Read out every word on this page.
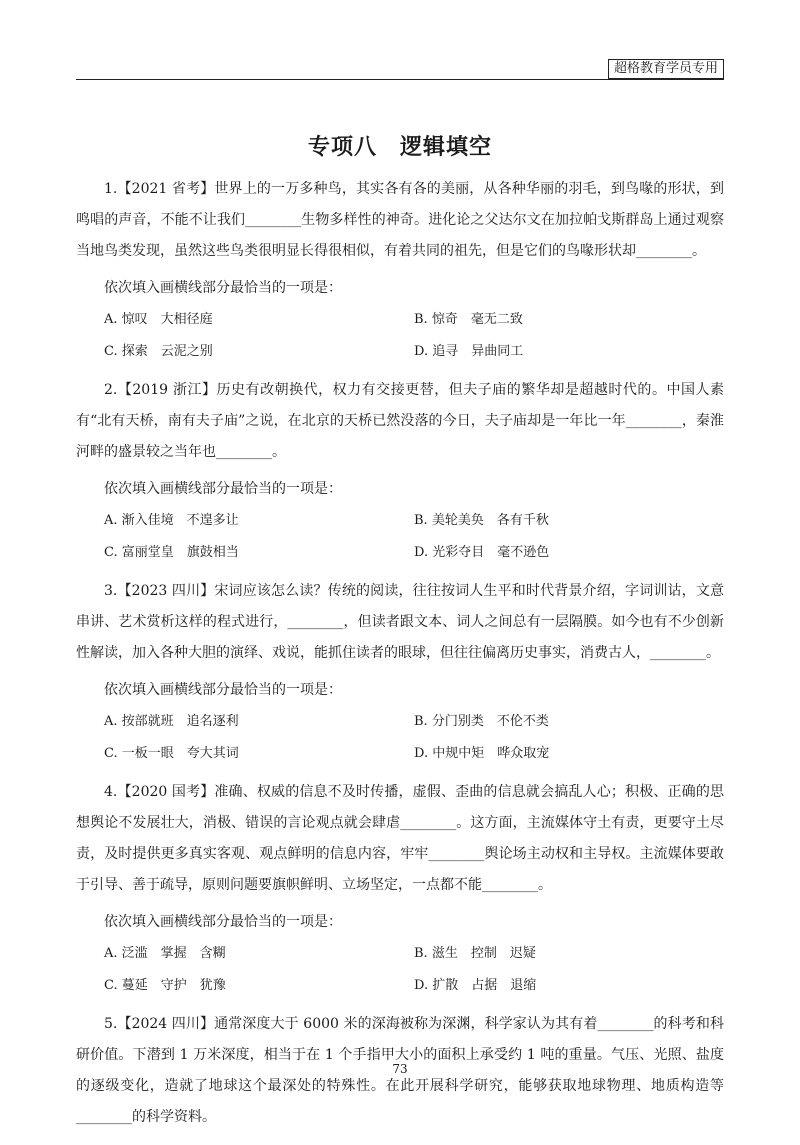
超格教育学员专用
专项八　逻辑填空

1.【2021 省考】世界上的一万多种鸟，其实各有各的美丽，从各种华丽的羽毛，到鸟喙的形状，到鸣唱的声音，不能不让我们________生物多样性的神奇。进化论之父达尔文在加拉帕戈斯群岛上通过观察当地鸟类发现，虽然这些鸟类很明显长得很相似，有着共同的祖先，但是它们的鸟喙形状却________。

依次填入画横线部分最恰当的一项是：

A. 惊叹　大相径庭	B. 惊奇　毫无二致
C. 探索　云泥之别	D. 追寻　异曲同工

2.【2019 浙江】历史有改朝换代，权力有交接更替，但夫子庙的繁华却是超越时代的。中国人素有“北有天桥，南有夫子庙”之说，在北京的天桥已然没落的今日，夫子庙却是一年比一年________，秦淮河畔的盛景较之当年也________。

依次填入画横线部分最恰当的一项是：

A. 渐入佳境　不遑多让	B. 美轮美奂　各有千秋
C. 富丽堂皇　旗鼓相当	D. 光彩夺目　毫不逊色

3.【2023 四川】宋词应该怎么读？传统的阅读，往往按词人生平和时代背景介绍，字词训诂，文意串讲、艺术赏析这样的程式进行，________，但读者跟文本、词人之间总有一层隔膜。如今也有不少创新性解读，加入各种大胆的演绎、戏说，能抓住读者的眼球，但往往偏离历史事实，消费古人，________。

依次填入画横线部分最恰当的一项是：

A. 按部就班　追名逐利	B. 分门别类　不伦不类
C. 一板一眼　夸大其词	D. 中规中矩　哗众取宠

4.【2020 国考】准确、权威的信息不及时传播，虚假、歪曲的信息就会搞乱人心；积极、正确的思想舆论不发展壮大，消极、错误的言论观点就会肆虐________。这方面，主流媒体守土有责，更要守土尽责，及时提供更多真实客观、观点鲜明的信息内容，牢牢________舆论场主动权和主导权。主流媒体要敢于引导、善于疏导，原则问题要旗帜鲜明、立场坚定，一点都不能________。

依次填入画横线部分最恰当的一项是：

A. 泛滥　掌握　含糊	B. 滋生　控制　迟疑
C. 蔓延　守护　犹豫	D. 扩散　占据　退缩

5.【2024 四川】通常深度大于 6000 米的深海被称为深渊，科学家认为其有着________的科考和科研价值。下潜到 1 万米深度，相当于在 1 个手指甲大小的面积上承受约 1 吨的重量。气压、光照、盐度的逐级变化，造就了地球这个最深处的特殊性。在此开展科学研究，能够获取地球物理、地质构造等________的科学资料。

73
